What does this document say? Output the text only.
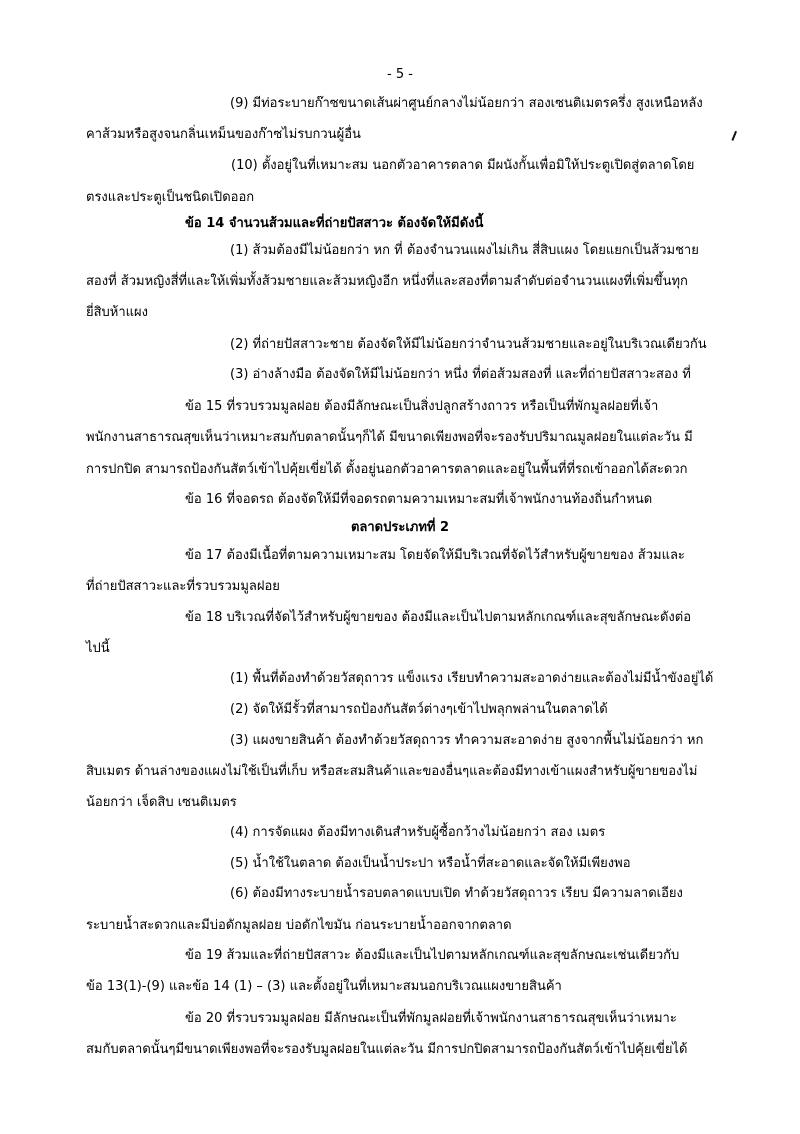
- 5 -
(9) มีท่อระบายก๊าซขนาดเส้นผ่าศูนย์กลางไม่น้อยกว่า สองเซนติเมตรครึ่ง สูงเหนือหลัง
คาส้วมหรือสูงจนกลิ่นเหม็นของก๊าซไม่รบกวนผู้อื่น
(10) ตั้งอยู่ในที่เหมาะสม นอกตัวอาคารตลาด มีผนังกั้นเพื่อมิให้ประตูเปิดสู่ตลาดโดย
ตรงและประตูเป็นชนิดเปิดออก
ข้อ 14 จำนวนส้วมและที่ถ่ายปัสสาวะ ต้องจัดให้มีดังนี้
(1) ส้วมต้องมีไม่น้อยกว่า หก ที่ ต้องจำนวนแผงไม่เกิน สี่สิบแผง โดยแยกเป็นส้วมชาย
สองที่ ส้วมหญิงสี่ที่และให้เพิ่มทั้งส้วมชายและส้วมหญิงอีก หนึ่งที่และสองที่ตามลำดับต่อจำนวนแผงที่เพิ่มขึ้นทุก
ยี่สิบห้าแผง
(2) ที่ถ่ายปัสสาวะชาย ต้องจัดให้มีไม่น้อยกว่าจำนวนส้วมชายและอยู่ในบริเวณเดียวกัน
(3) อ่างล้างมือ ต้องจัดให้มีไม่น้อยกว่า หนึ่ง ที่ต่อส้วมสองที่ และที่ถ่ายปัสสาวะสอง ที่
ข้อ 15 ที่รวบรวมมูลฝอย ต้องมีลักษณะเป็นสิ่งปลูกสร้างถาวร หรือเป็นที่พักมูลฝอยที่เจ้า
พนักงานสาธารณสุขเห็นว่าเหมาะสมกับตลาดนั้นๆก็ได้ มีขนาดเพียงพอที่จะรองรับปริมาณมูลฝอยในแต่ละวัน มี
การปกปิด สามารถป้องกันสัตว์เข้าไปคุ้ยเขี่ยได้ ตั้งอยู่นอกตัวอาคารตลาดและอยู่ในพื้นที่ที่รถเข้าออกได้สะดวก
ข้อ 16 ที่จอดรถ ต้องจัดให้มีที่จอดรถตามความเหมาะสมที่เจ้าพนักงานท้องถิ่นกำหนด
ตลาดประเภทที่ 2
ข้อ 17 ต้องมีเนื้อที่ตามความเหมาะสม โดยจัดให้มีบริเวณที่จัดไว้สำหรับผู้ขายของ ส้วมและ
ที่ถ่ายปัสสาวะและที่รวบรวมมูลฝอย
ข้อ 18 บริเวณที่จัดไว้สำหรับผู้ขายของ ต้องมีและเป็นไปตามหลักเกณฑ์และสุขลักษณะดังต่อ
ไปนี้
(1) พื้นที่ต้องทำด้วยวัสดุถาวร แข็งแรง เรียบทำความสะอาดง่ายและต้องไม่มีน้ำขังอยู่ได้
(2) จัดให้มีรั้วที่สามารถป้องกันสัตว์ต่างๆเข้าไปพลุกพล่านในตลาดได้
(3) แผงขายสินค้า ต้องทำด้วยวัสดุถาวร ทำความสะอาดง่าย สูงจากพื้นไม่น้อยกว่า หก
สิบเมตร ด้านล่างของแผงไม่ใช้เป็นที่เก็บ หรือสะสมสินค้าและของอื่นๆและต้องมีทางเข้าแผงสำหรับผู้ขายของไม่
น้อยกว่า เจ็ดสิบ เซนติเมตร
(4) การจัดแผง ต้องมีทางเดินสำหรับผู้ซื้อกว้างไม่น้อยกว่า สอง เมตร
(5) น้ำใช้ในตลาด ต้องเป็นน้ำประปา หรือน้ำที่สะอาดและจัดให้มีเพียงพอ
(6) ต้องมีทางระบายน้ำรอบตลาดแบบเปิด ทำด้วยวัสดุถาวร เรียบ มีความลาดเอียง
ระบายน้ำสะดวกและมีบ่อดักมูลฝอย บ่อดักไขมัน ก่อนระบายน้ำออกจากตลาด
ข้อ 19 ส้วมและที่ถ่ายปัสสาวะ ต้องมีและเป็นไปตามหลักเกณฑ์และสุขลักษณะเช่นเดียวกับ
ข้อ 13(1)-(9) และข้อ 14 (1) – (3) และตั้งอยู่ในที่เหมาะสมนอกบริเวณแผงขายสินค้า
ข้อ 20 ที่รวบรวมมูลฝอย มีลักษณะเป็นที่พักมูลฝอยที่เจ้าพนักงานสาธารณสุขเห็นว่าเหมาะ
สมกับตลาดนั้นๆมีขนาดเพียงพอที่จะรองรับมูลฝอยในแต่ละวัน มีการปกปิดสามารถป้องกันสัตว์เข้าไปคุ้ยเขี่ยได้
